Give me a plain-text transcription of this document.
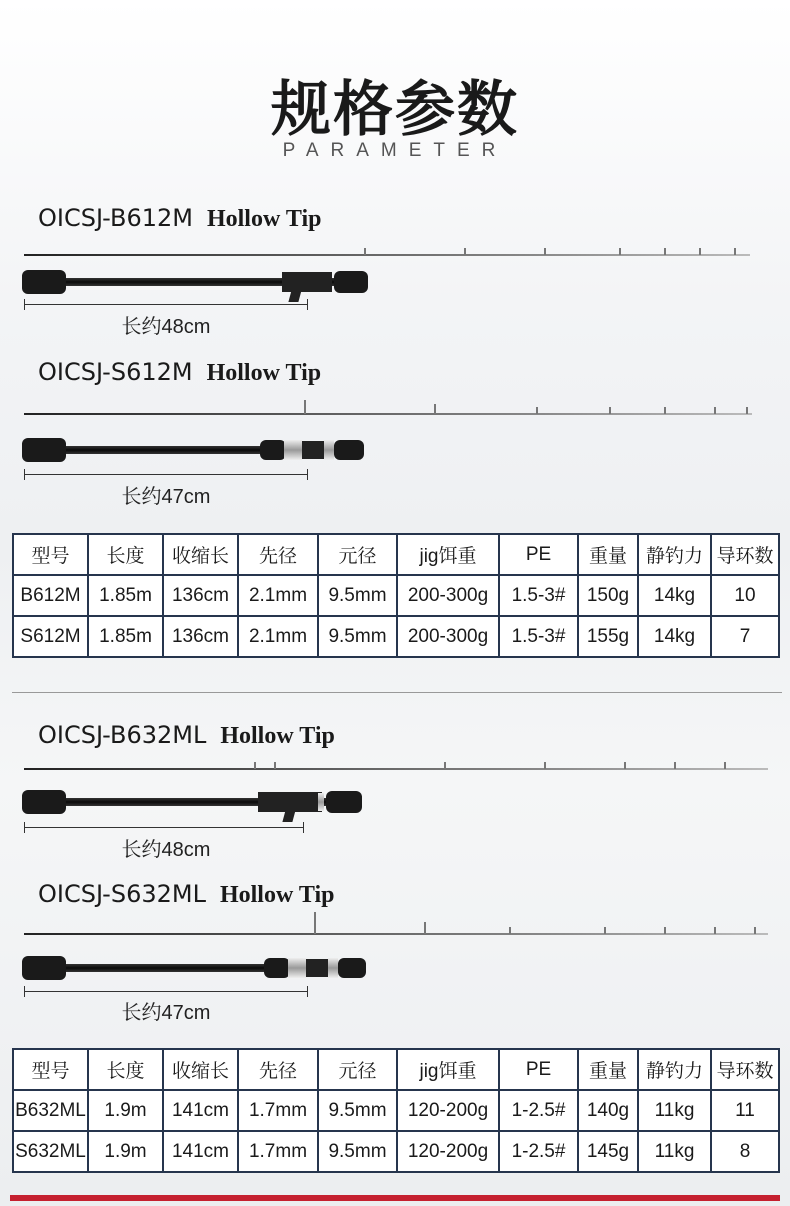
规格参数
PARAMETER
OICSJ-B612M Hollow Tip
长约48cm
OICSJ-S612M Hollow Tip
长约47cm
型号	长度	收缩长	先径	元径	jig饵重	PE	重量	静钓力	导环数
B612M	1.85m	136cm	2.1mm	9.5mm	200-300g	1.5-3#	150g	14kg	10
S612M	1.85m	136cm	2.1mm	9.5mm	200-300g	1.5-3#	155g	14kg	7
OICSJ-B632ML Hollow Tip
长约48cm
OICSJ-S632ML Hollow Tip
长约47cm
型号	长度	收缩长	先径	元径	jig饵重	PE	重量	静钓力	导环数
B632ML	1.9m	141cm	1.7mm	9.5mm	120-200g	1-2.5#	140g	11kg	11
S632ML	1.9m	141cm	1.7mm	9.5mm	120-200g	1-2.5#	145g	11kg	8
